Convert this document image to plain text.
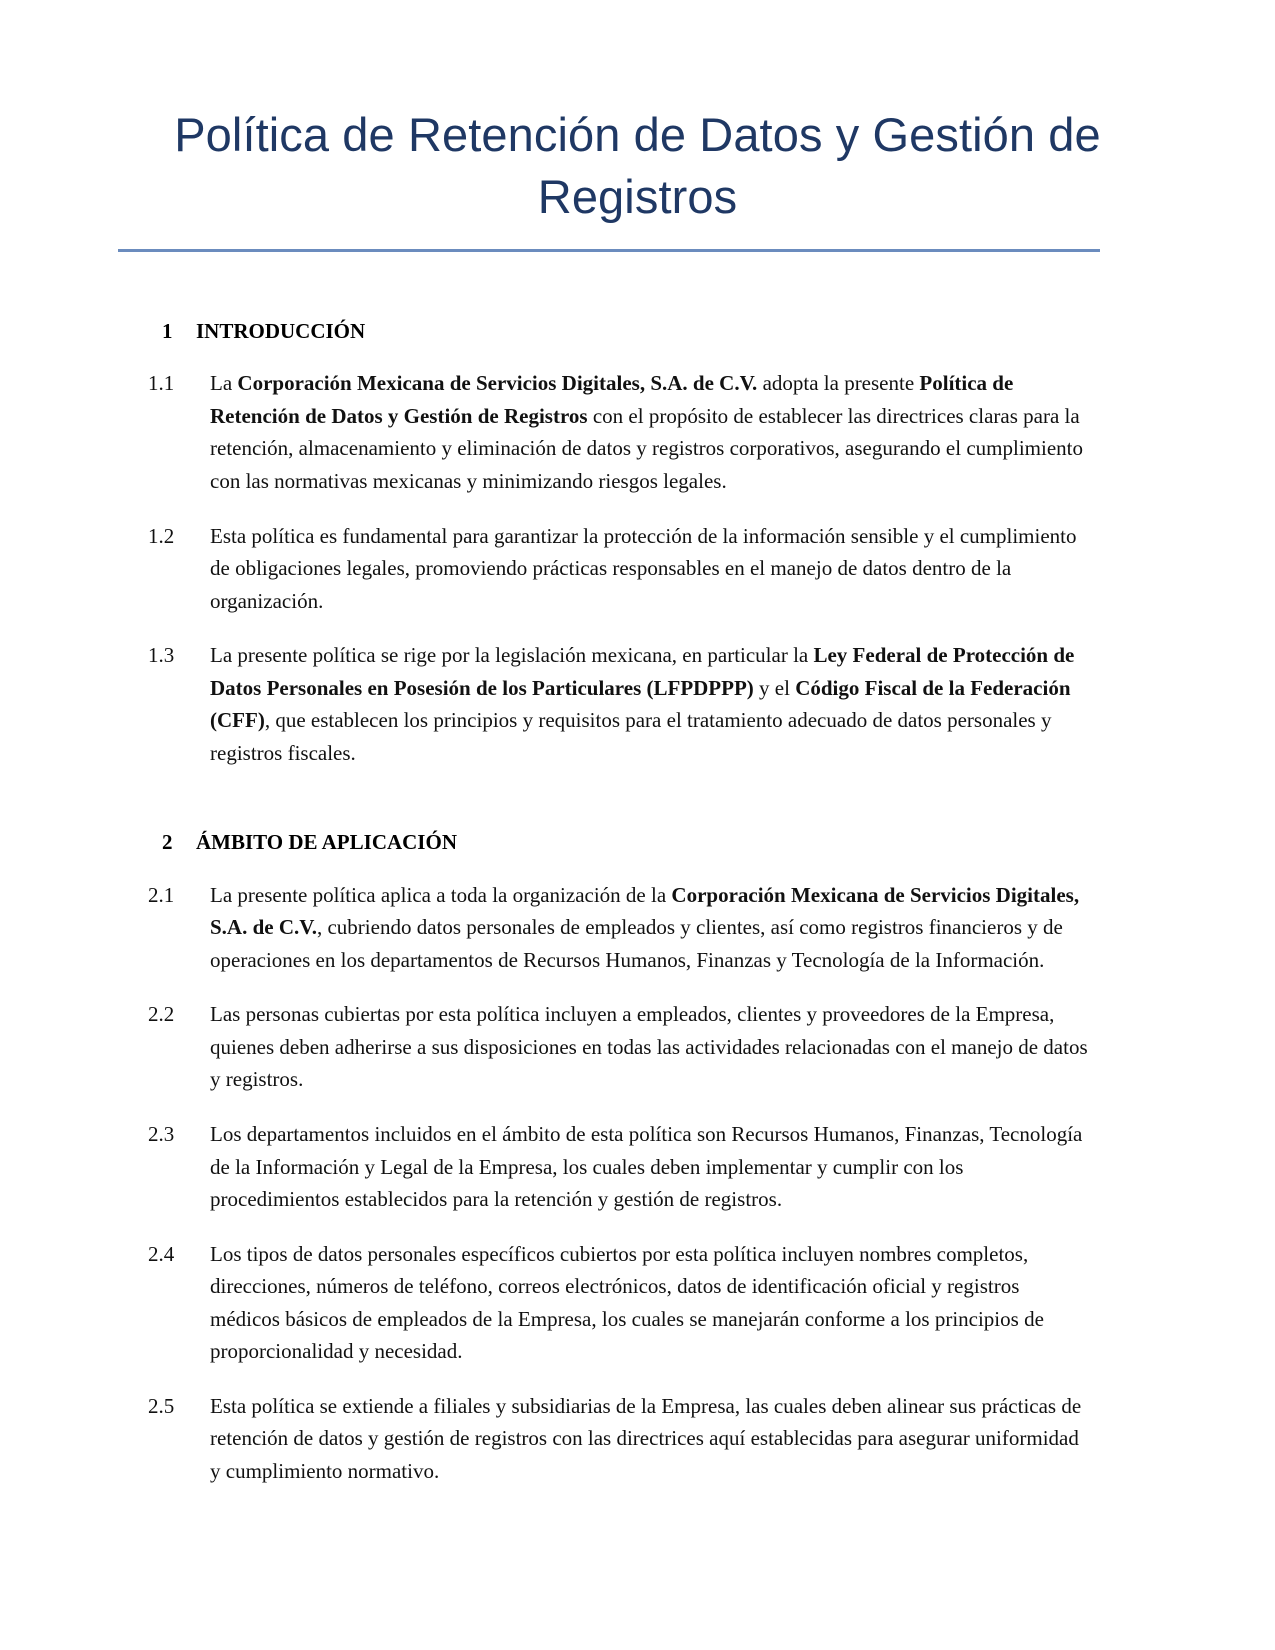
Política de Retención de Datos y Gestión de Registros
1	INTRODUCCIÓN
1.1	La Corporación Mexicana de Servicios Digitales, S.A. de C.V. adopta la presente Política de Retención de Datos y Gestión de Registros con el propósito de establecer las directrices claras para la retención, almacenamiento y eliminación de datos y registros corporativos, asegurando el cumplimiento con las normativas mexicanas y minimizando riesgos legales.
1.2	Esta política es fundamental para garantizar la protección de la información sensible y el cumplimiento de obligaciones legales, promoviendo prácticas responsables en el manejo de datos dentro de la organización.
1.3	La presente política se rige por la legislación mexicana, en particular la Ley Federal de Protección de Datos Personales en Posesión de los Particulares (LFPDPPP) y el Código Fiscal de la Federación (CFF), que establecen los principios y requisitos para el tratamiento adecuado de datos personales y registros fiscales.
2	ÁMBITO DE APLICACIÓN
2.1	La presente política aplica a toda la organización de la Corporación Mexicana de Servicios Digitales, S.A. de C.V., cubriendo datos personales de empleados y clientes, así como registros financieros y de operaciones en los departamentos de Recursos Humanos, Finanzas y Tecnología de la Información.
2.2	Las personas cubiertas por esta política incluyen a empleados, clientes y proveedores de la Empresa, quienes deben adherirse a sus disposiciones en todas las actividades relacionadas con el manejo de datos y registros.
2.3	Los departamentos incluidos en el ámbito de esta política son Recursos Humanos, Finanzas, Tecnología de la Información y Legal de la Empresa, los cuales deben implementar y cumplir con los procedimientos establecidos para la retención y gestión de registros.
2.4	Los tipos de datos personales específicos cubiertos por esta política incluyen nombres completos, direcciones, números de teléfono, correos electrónicos, datos de identificación oficial y registros médicos básicos de empleados de la Empresa, los cuales se manejarán conforme a los principios de proporcionalidad y necesidad.
2.5	Esta política se extiende a filiales y subsidiarias de la Empresa, las cuales deben alinear sus prácticas de retención de datos y gestión de registros con las directrices aquí establecidas para asegurar uniformidad y cumplimiento normativo.
